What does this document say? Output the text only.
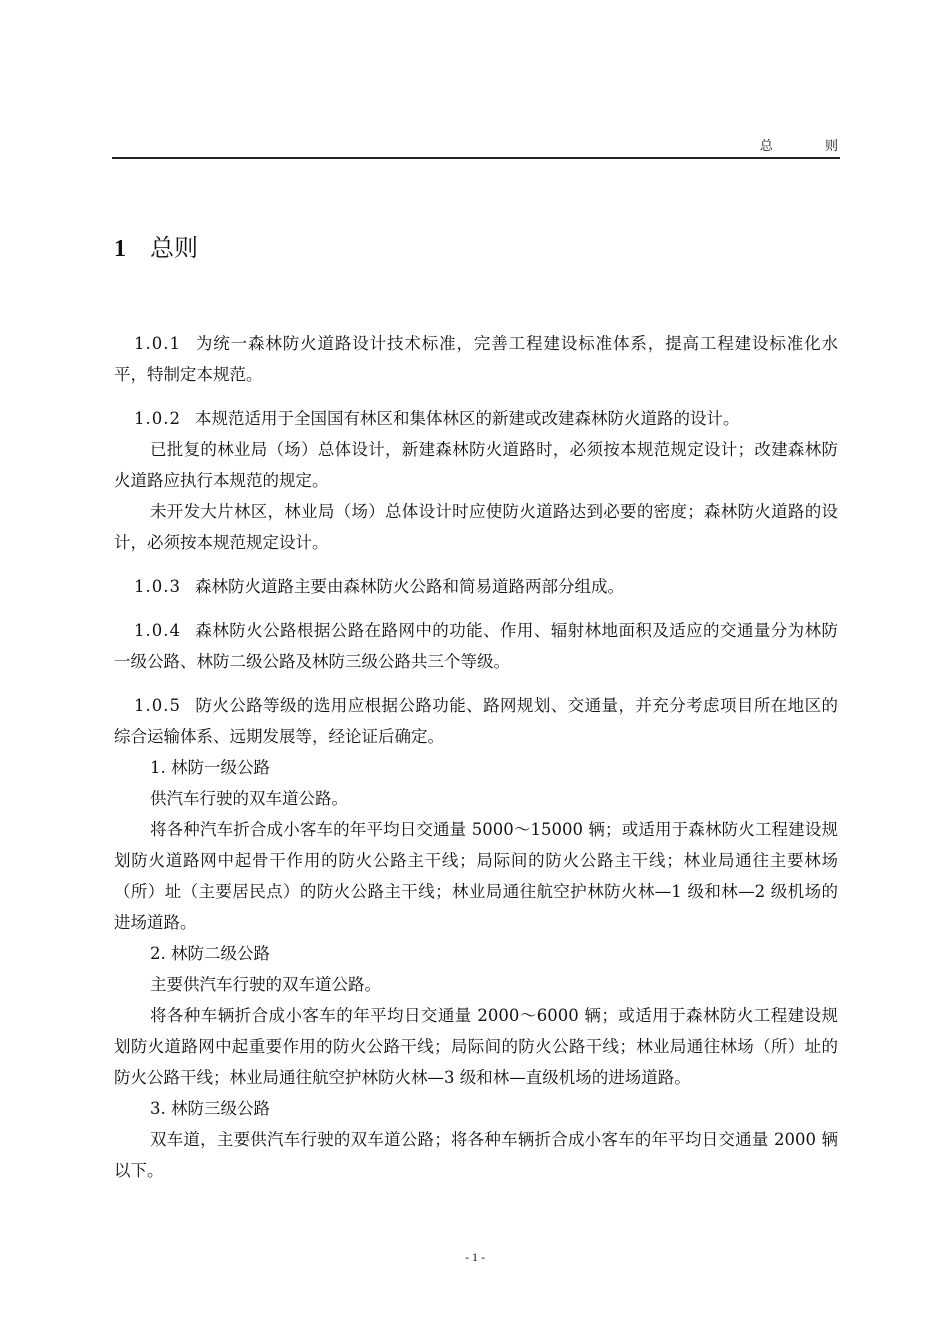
总 则
1 总则

1.0.1 为统一森林防火道路设计技术标准，完善工程建设标准体系，提高工程建设标准化水平，特制定本规范。

1.0.2 本规范适用于全国国有林区和集体林区的新建或改建森林防火道路的设计。

已批复的林业局（场）总体设计，新建森林防火道路时，必须按本规范规定设计；改建森林防火道路应执行本规范的规定。

未开发大片林区，林业局（场）总体设计时应使防火道路达到必要的密度；森林防火道路的设计，必须按本规范规定设计。

1.0.3 森林防火道路主要由森林防火公路和简易道路两部分组成。

1.0.4 森林防火公路根据公路在路网中的功能、作用、辐射林地面积及适应的交通量分为林防一级公路、林防二级公路及林防三级公路共三个等级。

1.0.5 防火公路等级的选用应根据公路功能、路网规划、交通量，并充分考虑项目所在地区的综合运输体系、远期发展等，经论证后确定。

1. 林防一级公路

供汽车行驶的双车道公路。

将各种汽车折合成小客车的年平均日交通量 5000～15000 辆；或适用于森林防火工程建设规划防火道路网中起骨干作用的防火公路主干线；局际间的防火公路主干线；林业局通往主要林场（所）址（主要居民点）的防火公路主干线；林业局通往航空护林防火林—1 级和林—2 级机场的进场道路。

2. 林防二级公路

主要供汽车行驶的双车道公路。

将各种车辆折合成小客车的年平均日交通量 2000～6000 辆；或适用于森林防火工程建设规划防火道路网中起重要作用的防火公路干线；局际间的防火公路干线；林业局通往林场（所）址的防火公路干线；林业局通往航空护林防火林—3 级和林—直级机场的进场道路。

3. 林防三级公路

双车道，主要供汽车行驶的双车道公路；将各种车辆折合成小客车的年平均日交通量 2000 辆以下。

- 1 -
